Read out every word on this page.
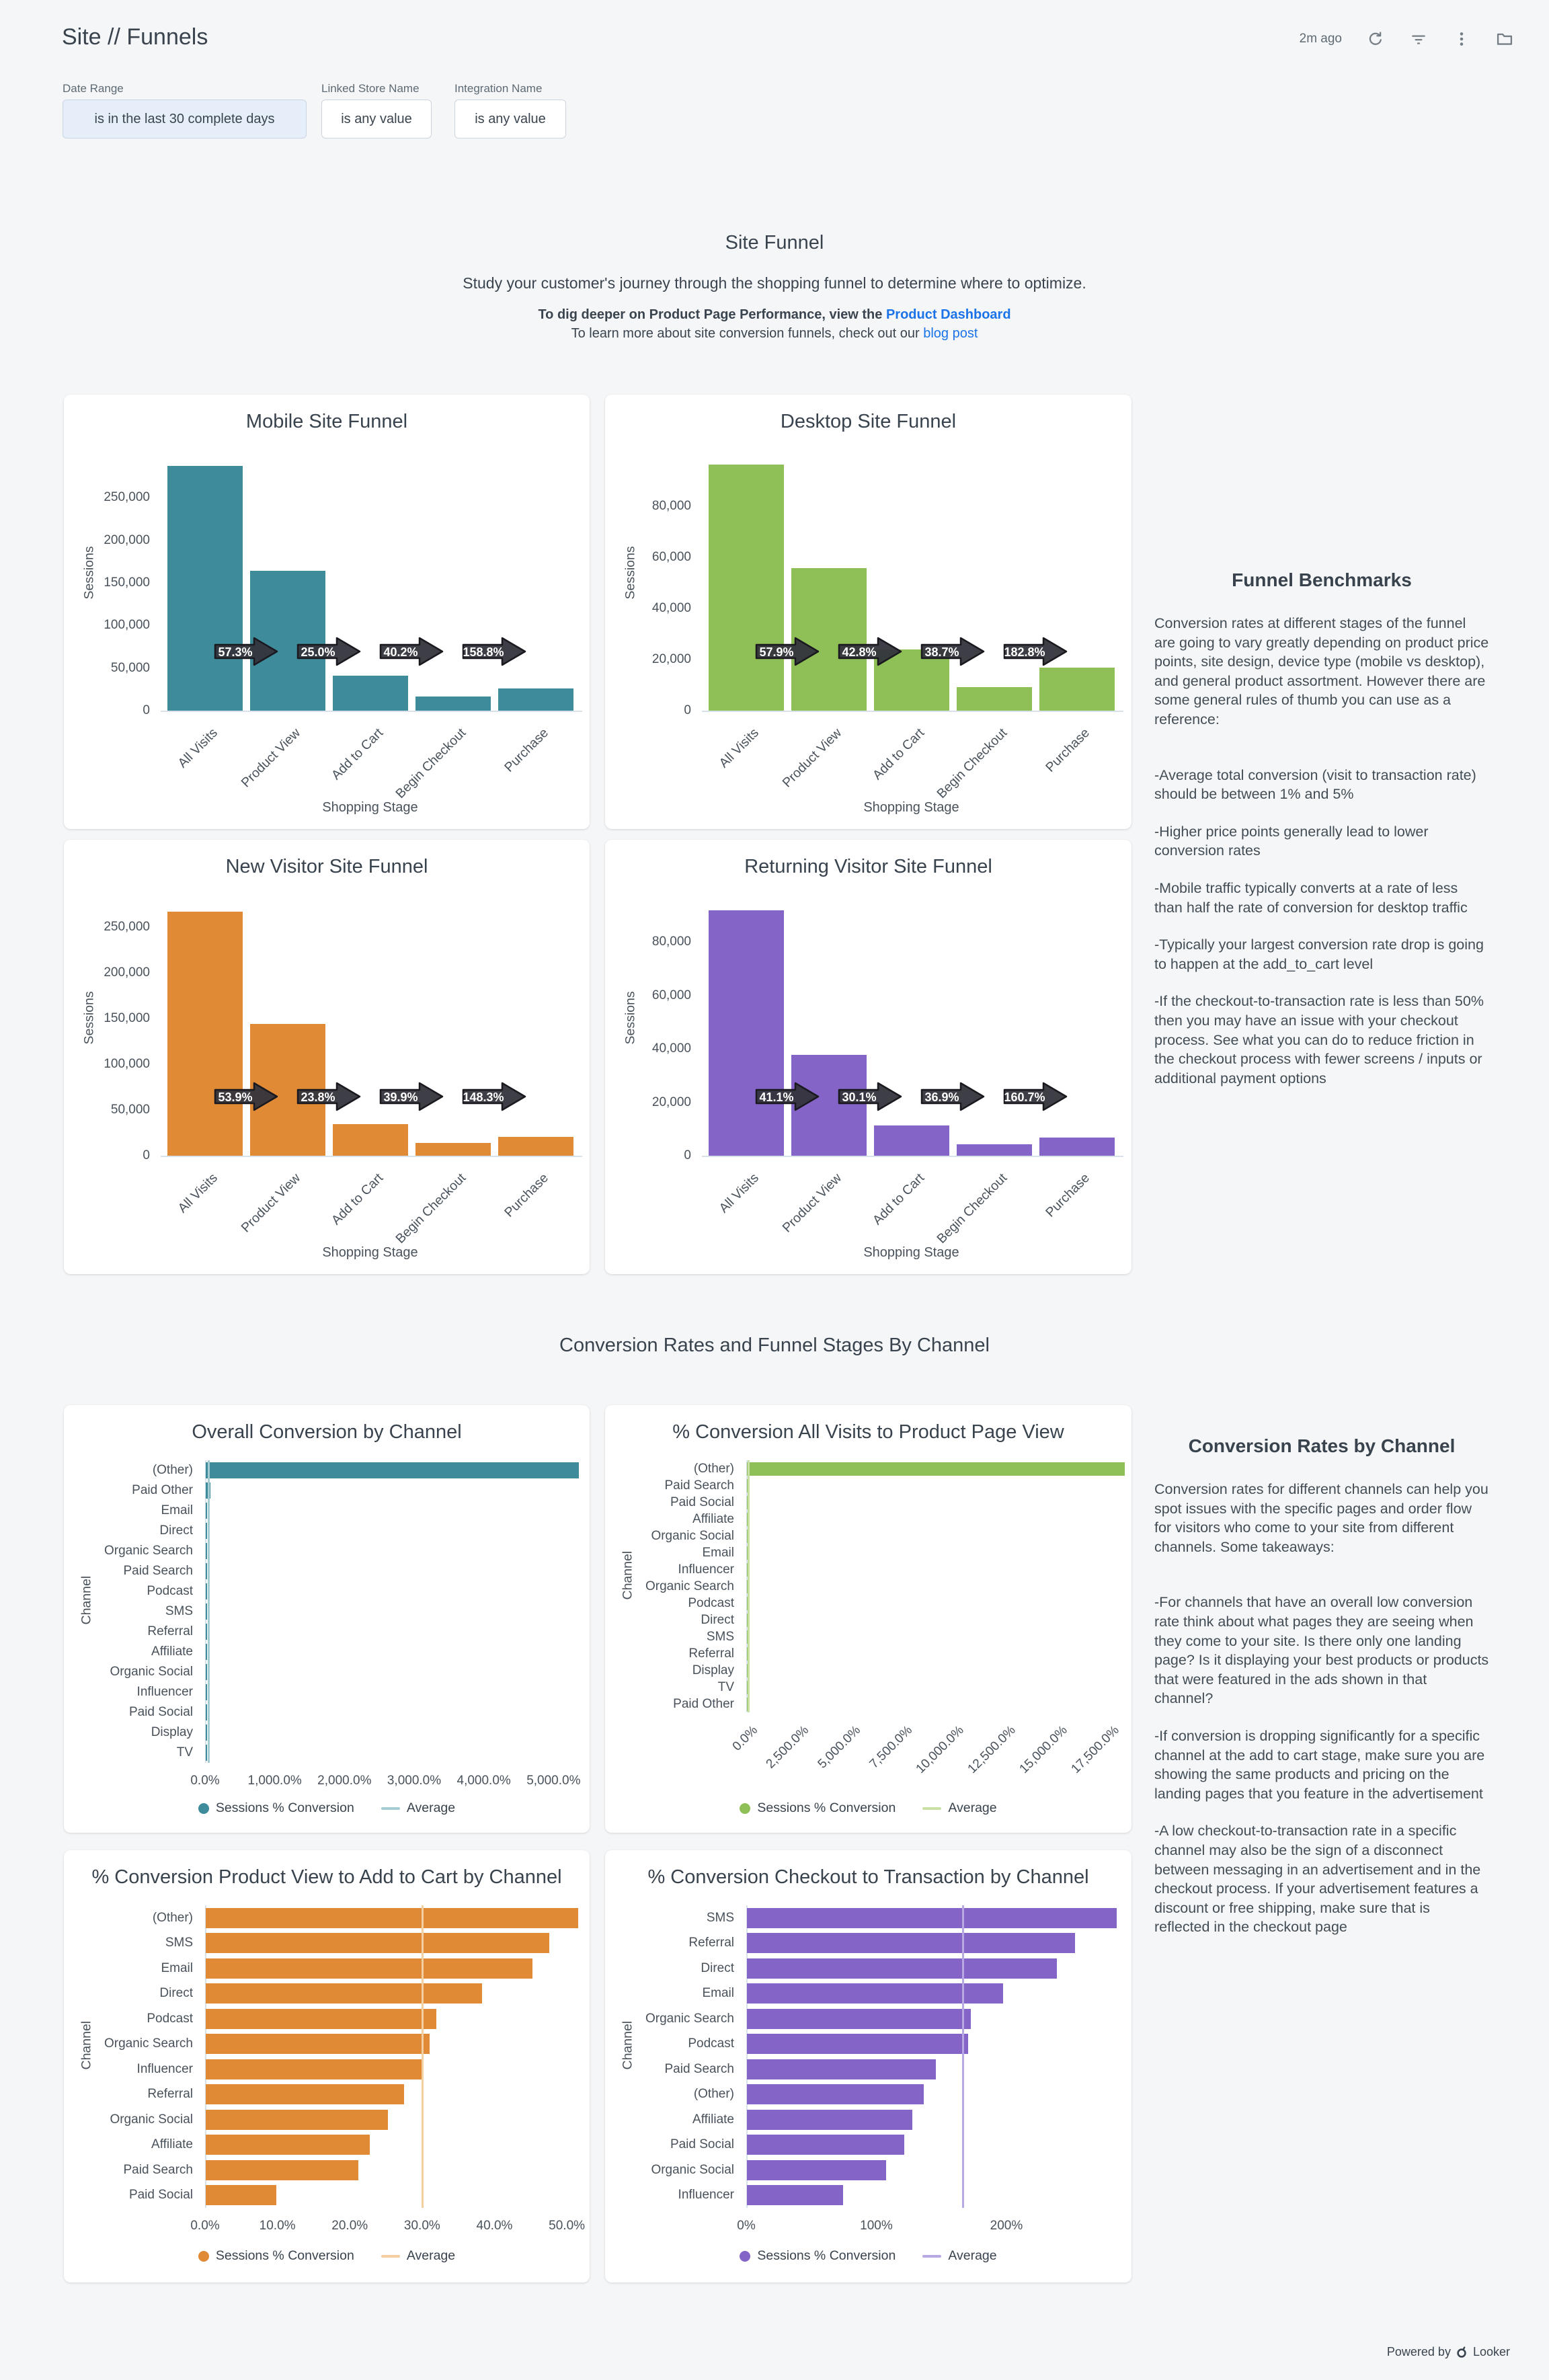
Site // Funnels	2m ago
Date Range	Linked Store Name	Integration Name
is in the last 30 complete days	is any value	is any value
Site Funnel
Study your customer's journey through the shopping funnel to determine where to optimize.
To dig deeper on Product Page Performance, view the Product Dashboard
To learn more about site conversion funnels, check out our blog post
Mobile Site Funnel
250,000
200,000
150,000
100,000
50,000
0
Sessions
57.3%	25.0%	40.2%	158.8%
All Visits Product View Add to Cart Begin Checkout	Purchase
Shopping Stage
Desktop Site Funnel
80,000
60,000
40,000
20,000
0
Sessions
57.9%	42.8%	38.7%	182.8%
All Visits Product View Add to Cart Begin Checkout	Purchase
Shopping Stage
New Visitor Site Funnel
250,000
200,000
150,000
100,000
50,000
0
Sessions
53.9%	23.8%	39.9%	148.3%
All Visits Product View Add to Cart Begin Checkout	Purchase
Shopping Stage
Returning Visitor Site Funnel
80,000
60,000
40,000
20,000
0
Sessions
41.1%	30.1%	36.9%	160.7%
All Visits Product View Add to Cart Begin Checkout	Purchase
Shopping Stage
Funnel Benchmarks

Conversion rates at different stages of the funnel are going to vary greatly depending on product price points, site design, device type (mobile vs desktop), and general product assortment. However there are some general rules of thumb you can use as a reference:

-Average total conversion (visit to transaction rate) should be between 1% and 5%

-Higher price points generally lead to lower conversion rates

-Mobile traffic typically converts at a rate of less than half the rate of conversion for desktop traffic

-Typically your largest conversion rate drop is going to happen at the add_to_cart level

-If the checkout-to-transaction rate is less than 50% then you may have an issue with your checkout process. See what you can do to reduce friction in the checkout process with fewer screens / inputs or additional payment options

Conversion Rates and Funnel Stages By Channel
Overall Conversion by Channel
(Other)
Paid Other
Email
Direct
Organic Search
Paid Search
Podcast
SMS
Referral
Affiliate
Organic Social
Influencer
Paid Social
Display
TV
Channel
0.0%	1,000.0%	2,000.0%	3,000.0%	4,000.0%	5,000.0%
Sessions % Conversion	Average
% Conversion All Visits to Product Page View
(Other)
Paid Search
Paid Social
Affiliate
Organic Social
Email
Influencer
Organic Search
Podcast
Direct
SMS
Referral
Display
TV
Paid Other
Channel
0.0% 2,500.0% 5,000.0% 7,500.0%
10,000.0%
12,500.0%
15,000.0%
17,500.0%
Sessions % Conversion	Average
% Conversion Product View to Add to Cart by Channel
(Other)
SMS
Email
Direct
Podcast
Organic Search
Influencer
Referral
Organic Social
Affiliate
Paid Search
Paid Social
Channel
0.0%	10.0%	20.0%	30.0%	40.0%	50.0%
Sessions % Conversion	Average
% Conversion Checkout to Transaction by Channel
SMS
Referral
Direct
Email
Organic Search
Podcast
Paid Search
(Other)
Affiliate
Paid Social
Organic Social
Influencer
Channel
0%	100%	200%
Sessions % Conversion	Average
Conversion Rates by Channel

Conversion rates for different channels can help you spot issues with the specific pages and order flow for visitors who come to your site from different channels. Some takeaways:

-For channels that have an overall low conversion rate think about what pages they are seeing when they come to your site. Is there only one landing page? Is it displaying your best products or products that were featured in the ads shown in that channel?

-If conversion is dropping significantly for a specific channel at the add to cart stage, make sure you are showing the same products and pricing on the landing pages that you feature in the advertisement

-A low checkout-to-transaction rate in a specific channel may also be the sign of a disconnect between messaging in an advertisement and in the checkout process. If your advertisement features a discount or free shipping, make sure that is reflected in the checkout page

Powered by Looker
